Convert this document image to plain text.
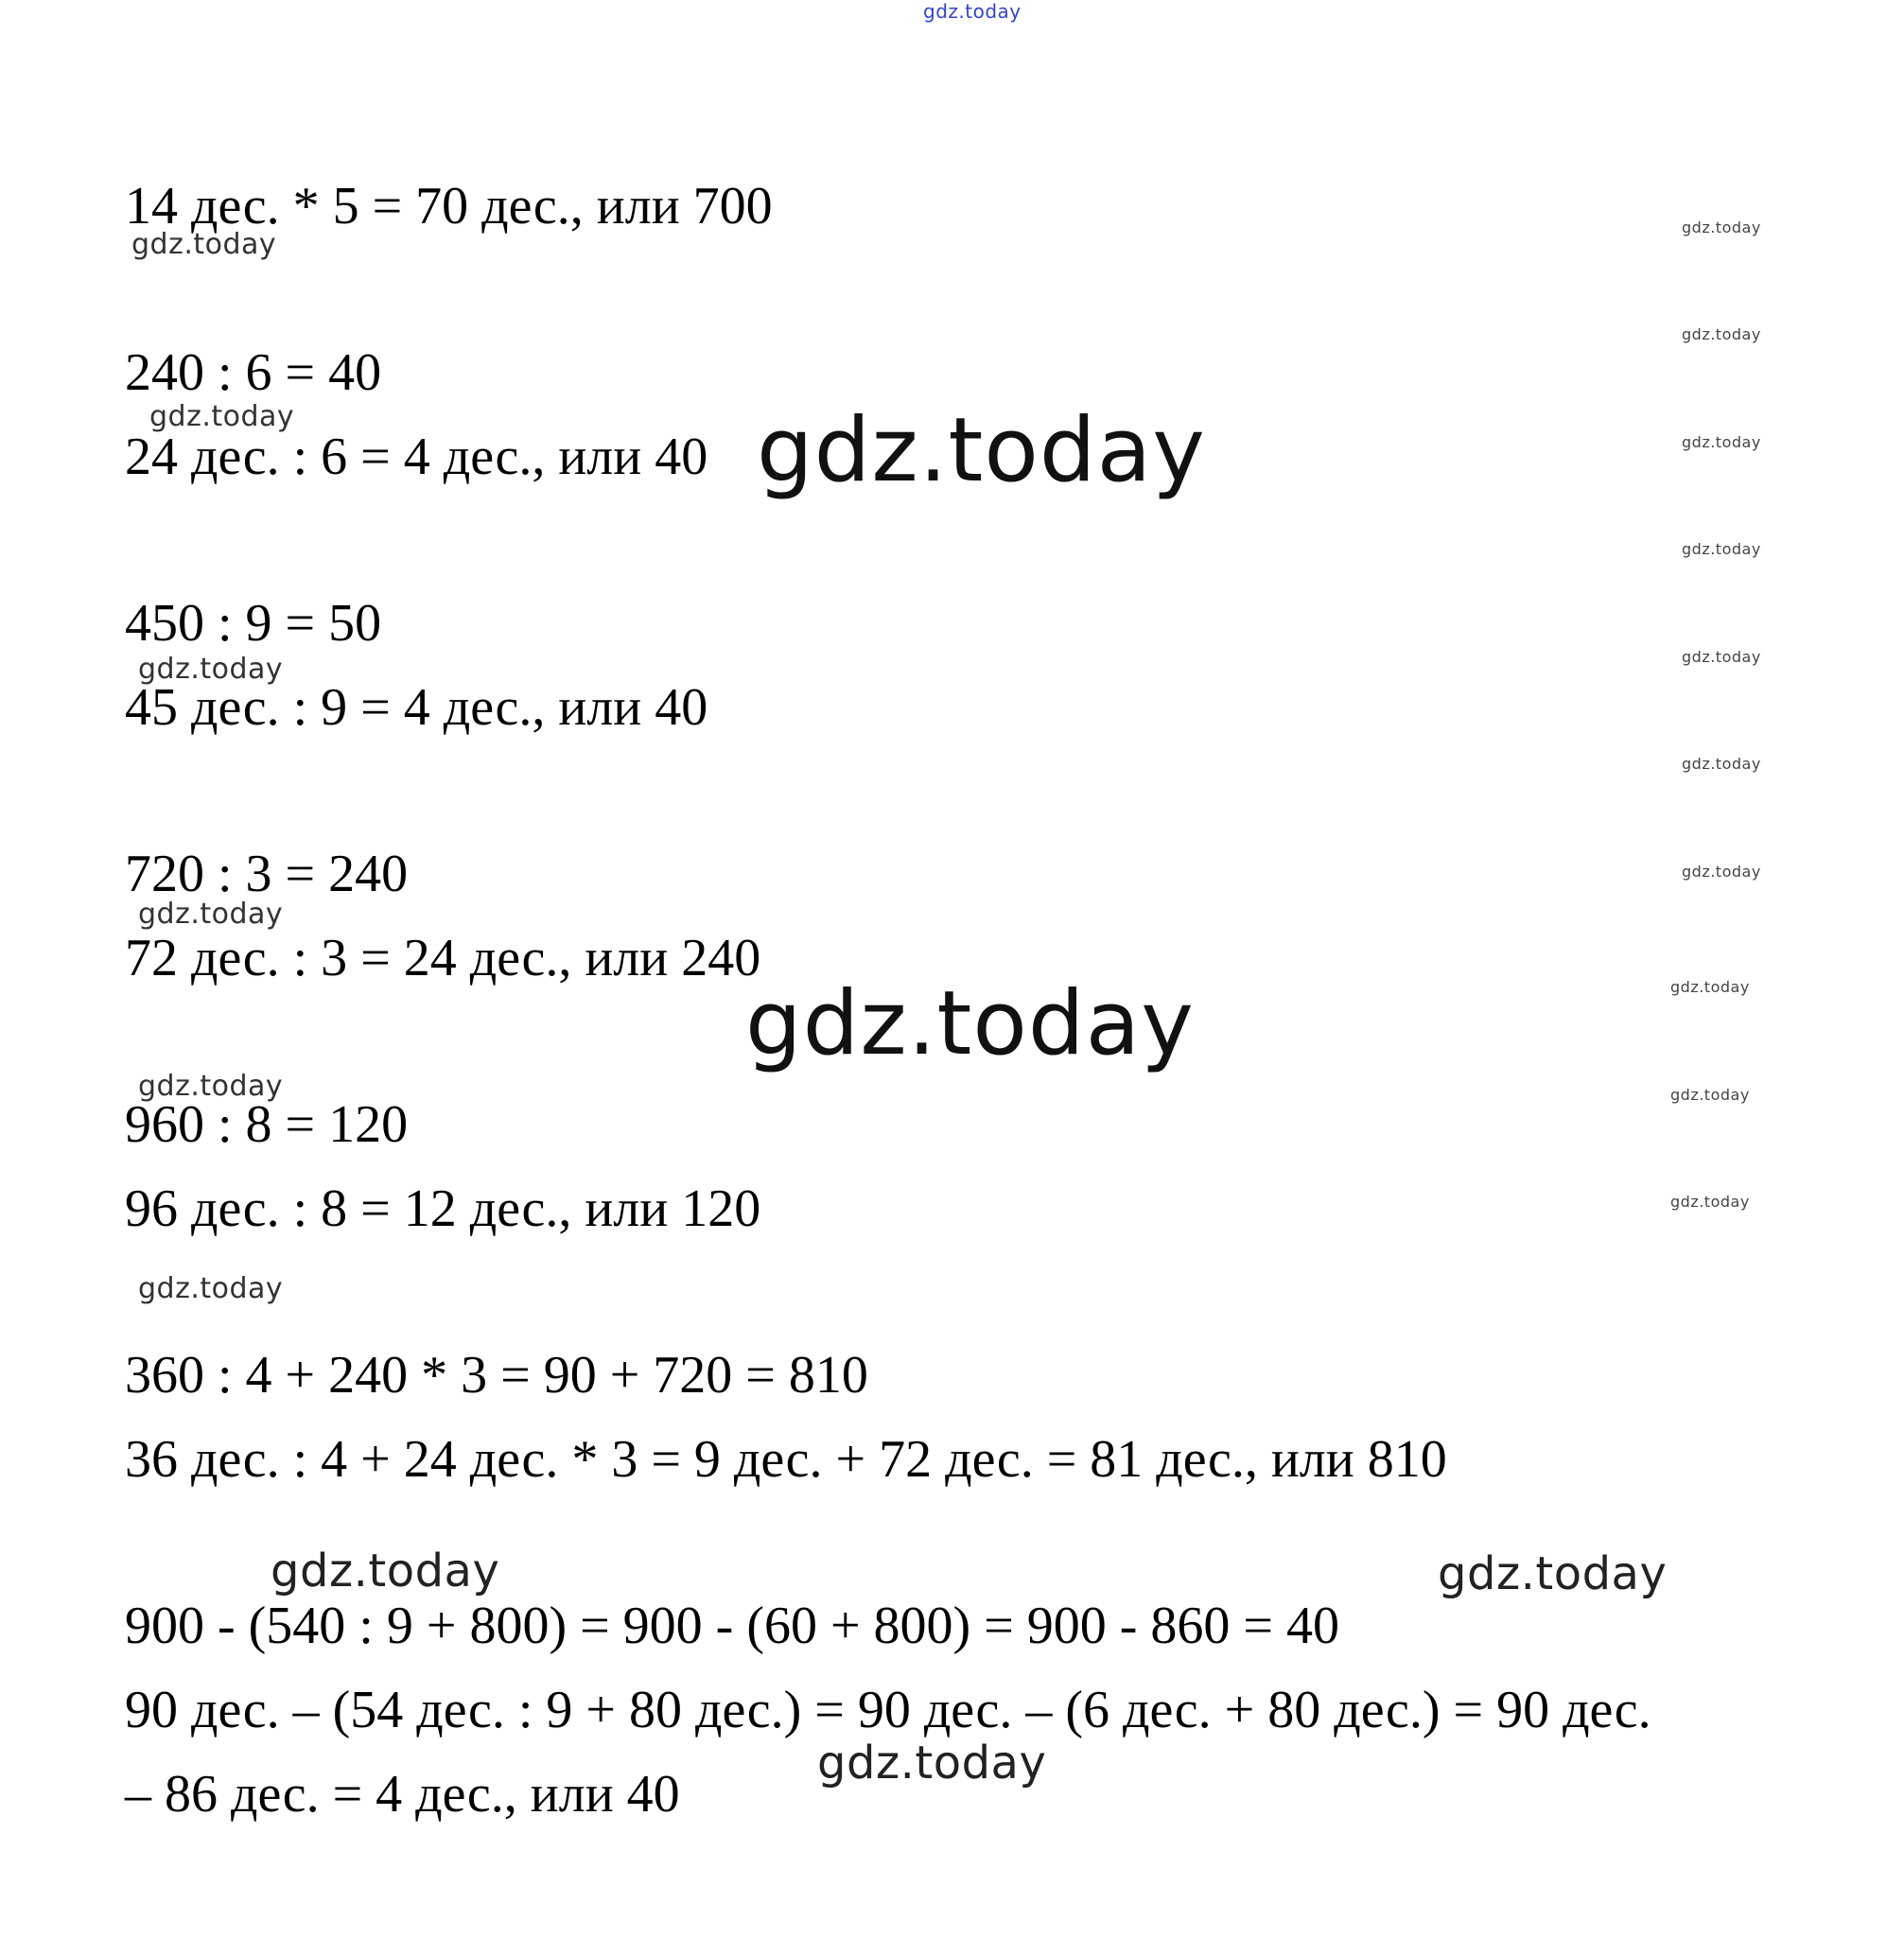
14 дес. * 5 = 70 дес., или 700
240 : 6 = 40
24 дес. : 6 = 4 дес., или 40
450 : 9 = 50
45 дес. : 9 = 4 дес., или 40
720 : 3 = 240
72 дес. : 3 = 24 дес., или 240
960 : 8 = 120
96 дес. : 8 = 12 дес., или 120
360 : 4 + 240 * 3 = 90 + 720 = 810
36 дес. : 4 + 24 дес. * 3 = 9 дес. + 72 дес. = 81 дес., или 810
900 - (540 : 9 + 800) = 900 - (60 + 800) = 900 - 860 = 40
90 дес. – (54 дес. : 9 + 80 дес.) = 90 дес. – (6 дес. + 80 дес.) = 90 дес.
– 86 дес. = 4 дес., или 40
gdz.today
gdz.today
gdz.today
gdz.today
gdz.today
gdz.today
gdz.today
gdz.today
gdz.today
gdz.today	gdz.today
gdz.today
gdz.today
gdz.today
gdz.today
gdz.today
gdz.today
gdz.today
gdz.today
gdz.today
gdz.today
gdz.today
